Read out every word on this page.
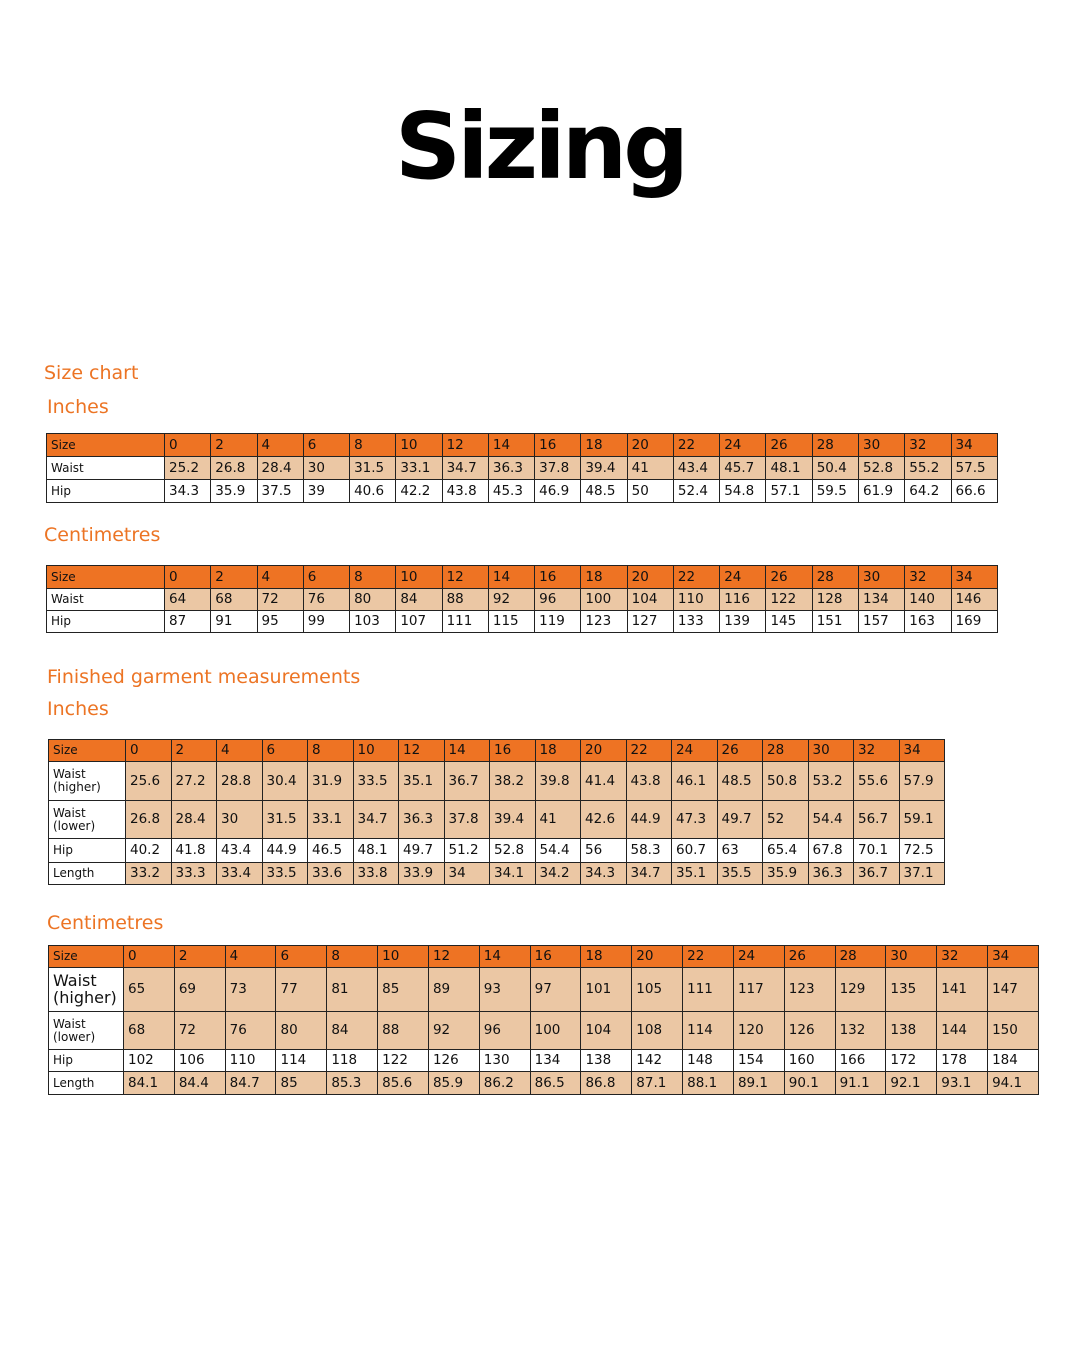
Sizing

Size chart

Inches

Size	0	2	4	6	8	10	12	14	16	18	20	22	24	26	28	30	32	34
Waist	25.2	26.8	28.4	30	31.5	33.1	34.7	36.3	37.8	39.4	41	43.4	45.7	48.1	50.4	52.8	55.2	57.5
Hip	34.3	35.9	37.5	39	40.6	42.2	43.8	45.3	46.9	48.5	50	52.4	54.8	57.1	59.5	61.9	64.2	66.6

Centimetres

Size	0	2	4	6	8	10	12	14	16	18	20	22	24	26	28	30	32	34
Waist	64	68	72	76	80	84	88	92	96	100	104	110	116	122	128	134	140	146
Hip	87	91	95	99	103	107	111	115	119	123	127	133	139	145	151	157	163	169

Finished garment measurements

Inches

Size	0	2	4	6	8	10	12	14	16	18	20	22	24	26	28	30	32	34
Waist (higher)	25.6	27.2	28.8	30.4	31.9	33.5	35.1	36.7	38.2	39.8	41.4	43.8	46.1	48.5	50.8	53.2	55.6	57.9
Waist (lower)	26.8	28.4	30	31.5	33.1	34.7	36.3	37.8	39.4	41	42.6	44.9	47.3	49.7	52	54.4	56.7	59.1
Hip	40.2	41.8	43.4	44.9	46.5	48.1	49.7	51.2	52.8	54.4	56	58.3	60.7	63	65.4	67.8	70.1	72.5
Length	33.2	33.3	33.4	33.5	33.6	33.8	33.9	34	34.1	34.2	34.3	34.7	35.1	35.5	35.9	36.3	36.7	37.1

Centimetres

Size	0	2	4	6	8	10	12	14	16	18	20	22	24	26	28	30	32	34
Waist (higher)	65	69	73	77	81	85	89	93	97	101	105	111	117	123	129	135	141	147
Waist (lower)	68	72	76	80	84	88	92	96	100	104	108	114	120	126	132	138	144	150
Hip	102	106	110	114	118	122	126	130	134	138	142	148	154	160	166	172	178	184
Length	84.1	84.4	84.7	85	85.3	85.6	85.9	86.2	86.5	86.8	87.1	88.1	89.1	90.1	91.1	92.1	93.1	94.1
